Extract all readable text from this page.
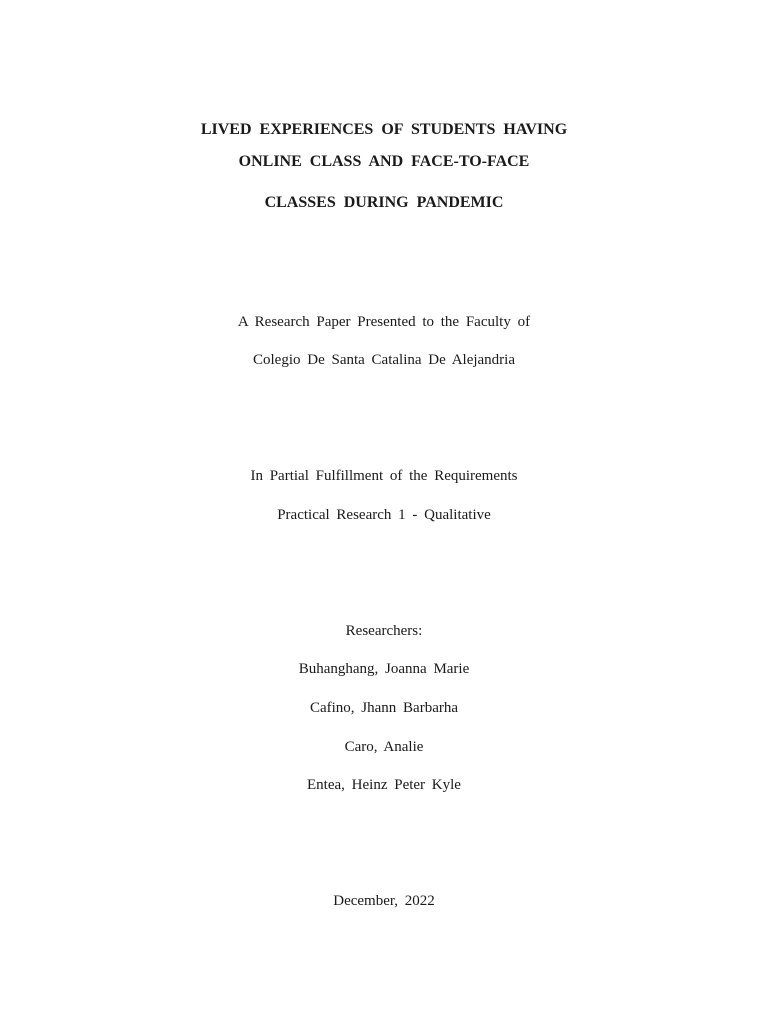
LIVED EXPERIENCES OF STUDENTS HAVING
ONLINE CLASS AND FACE-TO-FACE
CLASSES DURING PANDEMIC
A Research Paper Presented to the Faculty of
Colegio De Santa Catalina De Alejandria
In Partial Fulfillment of the Requirements
Practical Research 1 - Qualitative
Researchers:
Buhanghang, Joanna Marie
Cafino, Jhann Barbarha
Caro, Analie
Entea, Heinz Peter Kyle
December, 2022
